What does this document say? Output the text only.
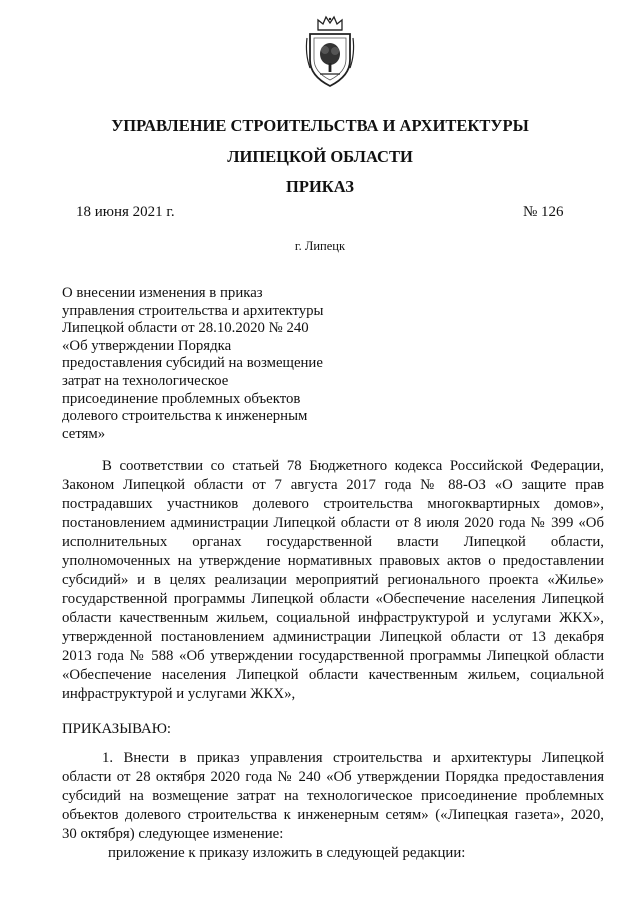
УПРАВЛЕНИЕ СТРОИТЕЛЬСТВА И АРХИТЕКТУРЫ
ЛИПЕЦКОЙ ОБЛАСТИ
ПРИКАЗ
18 июня 2021 г.	№ 126
г. Липецк
О внесении изменения в приказ
управления строительства и архитектуры
Липецкой области от 28.10.2020 № 240
«Об утверждении Порядка
предоставления субсидий на возмещение
затрат на технологическое
присоединение проблемных объектов
долевого строительства к инженерным
сетям»
В соответствии со статьей 78 Бюджетного кодекса Российской Федерации,
Законом Липецкой области от 7 августа 2017 года № 88-ОЗ «О защите прав
пострадавших участников долевого строительства многоквартирных домов»,
постановлением администрации Липецкой области от 8 июля 2020 года № 399 «Об
исполнительных органах государственной власти Липецкой области,
уполномоченных на утверждение нормативных правовых актов о предоставлении
субсидий» и в целях реализации мероприятий регионального проекта «Жилье»
государственной программы Липецкой области «Обеспечение населения Липецкой
области качественным жильем, социальной инфраструктурой и услугами ЖКХ»,
утвержденной постановлением администрации Липецкой области от 13 декабря
2013 года № 588 «Об утверждении государственной программы Липецкой области
«Обеспечение населения Липецкой области качественным жильем, социальной
инфраструктурой и услугами ЖКХ»,
ПРИКАЗЫВАЮ:
1. Внести в приказ управления строительства и архитектуры Липецкой
области от 28 октября 2020 года № 240 «Об утверждении Порядка предоставления
субсидий на возмещение затрат на технологическое присоединение проблемных
объектов долевого строительства к инженерным сетям» («Липецкая газета», 2020,
30 октября) следующее изменение:
приложение к приказу изложить в следующей редакции:
